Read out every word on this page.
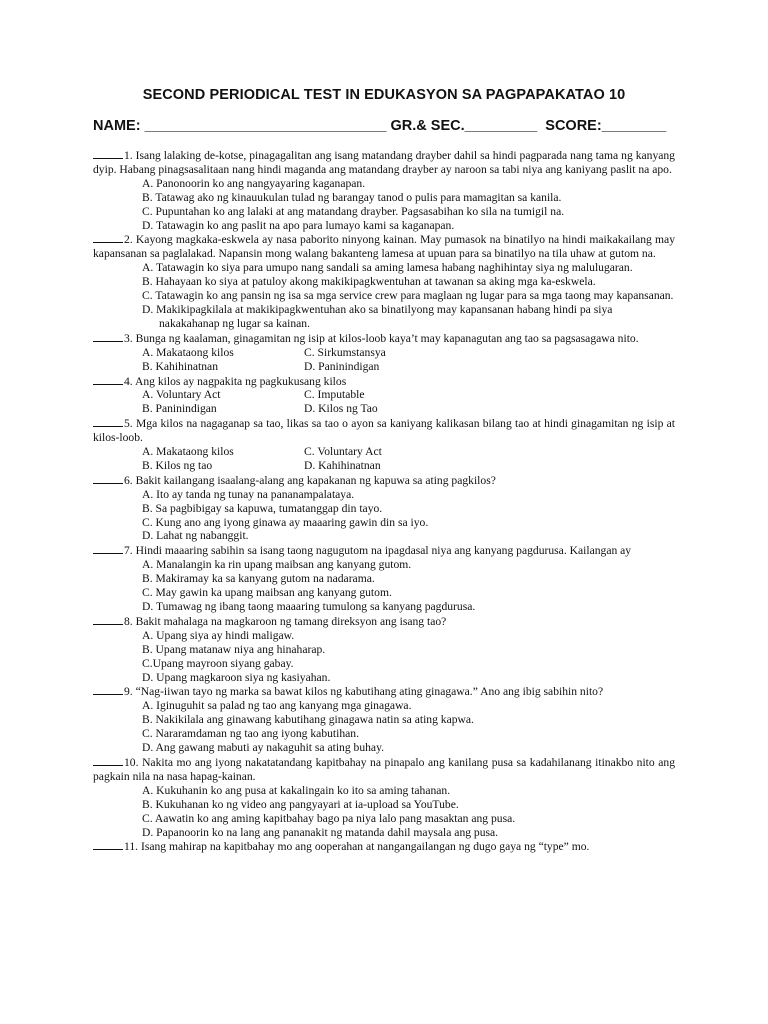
SECOND PERIODICAL TEST IN EDUKASYON SA PAGPAPAKATAO 10
NAME: ______________________________ GR.& SEC._________  SCORE:________
1. Isang lalaking de-kotse, pinagagalitan ang isang matandang drayber dahil sa hindi pagparada nang tama ng kanyang dyip. Habang pinagsasalitaan nang hindi maganda ang matandang drayber ay naroon sa tabi niya ang kaniyang paslit na apo.
A. Panonoorin ko ang nangyayaring kaganapan.
B. Tatawag ako ng kinauukulan tulad ng barangay tanod o pulis para mamagitan sa kanila.
C. Pupuntahan ko ang lalaki at ang matandang drayber. Pagsasabihan ko sila na tumigil na.
D. Tatawagin ko ang paslit na apo para lumayo kami sa kaganapan.
2. Kayong magkaka-eskwela ay nasa paborito ninyong kainan. May pumasok na binatilyo na hindi maikakailang may kapansanan sa paglalakad. Napansin mong walang bakanteng lamesa at upuan para sa binatilyo na tila uhaw at gutom na.
A. Tatawagin ko siya para umupo nang sandali sa aming lamesa habang naghihintay siya ng malulugaran.
B. Hahayaan ko siya at patuloy akong makikipagkwentuhan at tawanan sa aking mga ka-eskwela.
C. Tatawagin ko ang pansin ng isa sa mga service crew para maglaan ng lugar para sa mga taong may kapansanan.
D. Makikipagkilala at makikipagkwentuhan ako sa binatilyong may kapansanan habang hindi pa siya nakakahanap ng lugar sa kainan.
3. Bunga ng kaalaman, ginagamitan ng isip at kilos-loob kaya’t may kapanagutan ang tao sa pagsasagawa nito.
A. Makataong kilos	C. Sirkumstansya
B. Kahihinatnan	D. Paninindigan
4. Ang kilos ay nagpakita ng pagkukusang kilos
A. Voluntary Act	C. Imputable
B. Paninindigan	D. Kilos ng Tao
5. Mga kilos na nagaganap sa tao, likas sa tao o ayon sa kaniyang kalikasan bilang tao at hindi ginagamitan ng isip at kilos-loob.
A. Makataong kilos	C. Voluntary Act
B. Kilos ng tao	D. Kahihinatnan
6. Bakit kailangang isaalang-alang ang kapakanan ng kapuwa sa ating pagkilos?
A. Ito ay tanda ng tunay na pananampalataya.
B. Sa pagbibigay sa kapuwa, tumatanggap din tayo.
C. Kung ano ang iyong ginawa ay maaaring gawin din sa iyo.
D. Lahat ng nabanggit.
7. Hindi maaaring sabihin sa isang taong nagugutom na ipagdasal niya ang kanyang pagdurusa. Kailangan ay
A. Manalangin ka rin upang maibsan ang kanyang gutom.
B. Makiramay ka sa kanyang gutom na nadarama.
C. May gawin ka upang maibsan ang kanyang gutom.
D. Tumawag ng ibang taong maaaring tumulong sa kanyang pagdurusa.
8. Bakit mahalaga na magkaroon ng tamang direksyon ang isang tao?
A. Upang siya ay hindi maligaw.
B. Upang matanaw niya ang hinaharap.
C.Upang mayroon siyang gabay.
D. Upang magkaroon siya ng kasiyahan.
9. “Nag-iiwan tayo ng marka sa bawat kilos ng kabutihang ating ginagawa.” Ano ang ibig sabihin nito?
A. Iginuguhit sa palad ng tao ang kanyang mga ginagawa.
B. Nakikilala ang ginawang kabutihang ginagawa natin sa ating kapwa.
C. Nararamdaman ng tao ang iyong kabutihan.
D. Ang gawang mabuti ay nakaguhit sa ating buhay.
10. Nakita mo ang iyong nakatatandang kapitbahay na pinapalo ang kanilang pusa sa kadahilanang itinakbo nito ang pagkain nila na nasa hapag-kainan.
A. Kukuhanin ko ang pusa at kakalingain ko ito sa aming tahanan.
B. Kukuhanan ko ng video ang pangyayari at ia-upload sa YouTube.
C. Aawatin ko ang aming kapitbahay bago pa niya lalo pang masaktan ang pusa.
D. Papanoorin ko na lang ang pananakit ng matanda dahil maysala ang pusa.
11. Isang mahirap na kapitbahay mo ang ooperahan at nangangailangan ng dugo gaya ng “type” mo.
